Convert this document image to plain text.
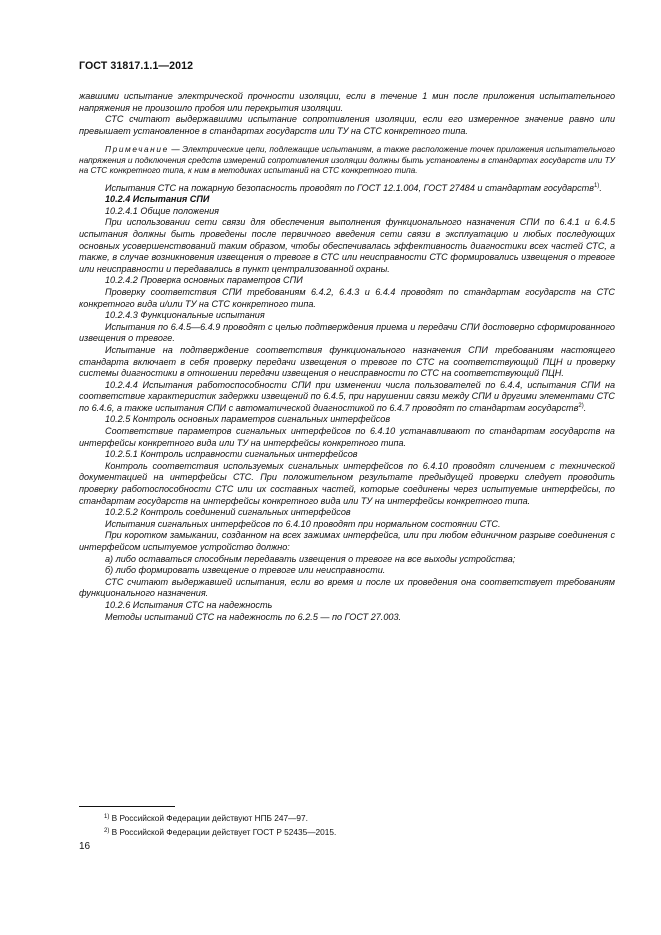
ГОСТ 31817.1.1—2012

жавшими испытание электрической прочности изоляции, если в течение 1 мин после приложения испытательного напряжения не произошло пробоя или перекрытия изоляции.

СТС считают выдержавшими испытание сопротивления изоляции, если его измеренное значение равно или превышает установленное в стандартах государств или ТУ на СТС конкретного типа.

Примечание — Электрические цепи, подлежащие испытаниям, а также расположение точек приложения испытательного напряжения и подключения средств измерений сопротивления изоляции должны быть установлены в стандартах государств или ТУ на СТС конкретного типа, к ним в методиках испытаний на СТС конкретного типа.

Испытания СТС на пожарную безопасность проводят по ГОСТ 12.1.004, ГОСТ 27484 и стандартам государств$^{1)}$.

10.2.4 Испытания СПИ

10.2.4.1 Общие положения

При использовании сети связи для обеспечения выполнения функционального назначения СПИ по 6.4.1 и 6.4.5 испытания должны быть проведены после первичного введения сети связи в эксплуатацию и любых последующих основных усовершенствований таким образом, чтобы обеспечивалась эффективность диагностики всех частей СТС, а также, в случае возникновения извещения о тревоге в СТС или неисправности СТС формировались извещения о тревоге или неисправности и передавались в пункт централизованной охраны.

10.2.4.2 Проверка основных параметров СПИ

Проверку соответствия СПИ требованиям 6.4.2, 6.4.3 и 6.4.4 проводят по стандартам государств на СТС конкретного вида и/или ТУ на СТС конкретного типа.

10.2.4.3 Функциональные испытания

Испытания по 6.4.5—6.4.9 проводят с целью подтверждения приема и передачи СПИ достоверно сформированного извещения о тревоге.

Испытание на подтверждение соответствия функционального назначения СПИ требованиям настоящего стандарта включает в себя проверку передачи извещения о тревоге по СТС на соответствующий ПЦН и проверку системы диагностики в отношении передачи извещения о неисправности по СТС на соответствующий ПЦН.

10.2.4.4 Испытания работоспособности СПИ при изменении числа пользователей по 6.4.4, испытания СПИ на соответствие характеристик задержки извещений по 6.4.5, при нарушении связи между СПИ и другими элементами СТС по 6.4.6, а также испытания СПИ с автоматической диагностикой по 6.4.7 проводят по стандартам государств$^{2)}$.

10.2.5 Контроль основных параметров сигнальных интерфейсов

Соответствие параметров сигнальных интерфейсов по 6.4.10 устанавливают по стандартам государств на интерфейсы конкретного вида или ТУ на интерфейсы конкретного типа.

10.2.5.1 Контроль исправности сигнальных интерфейсов

Контроль соответствия используемых сигнальных интерфейсов по 6.4.10 проводят сличением с технической документацией на интерфейсы СТС. При положительном результате предыдущей проверки следует проводить проверку работоспособности СТС или их составных частей, которые соединены через испытуемые интерфейсы, по стандартам государств на интерфейсы конкретного вида или ТУ на интерфейсы конкретного типа.

10.2.5.2 Контроль соединений сигнальных интерфейсов

Испытания сигнальных интерфейсов по 6.4.10 проводят при нормальном состоянии СТС.

При коротком замыкании, созданном на всех зажимах интерфейса, или при любом единичном разрыве соединения с интерфейсом испытуемое устройство должно:

а) либо оставаться способным передавать извещения о тревоге на все выходы устройства;

б) либо формировать извещение о тревоге или неисправности.

СТС считают выдержавшей испытания, если во время и после их проведения она соответствует требованиям функционального назначения.

10.2.6 Испытания СТС на надежность

Методы испытаний СТС на надежность по 6.2.5 — по ГОСТ 27.003.

$^{1)}$ В Российской Федерации действуют НПБ 247—97.
$^{2)}$ В Российской Федерации действует ГОСТ Р 52435—2015.
16
